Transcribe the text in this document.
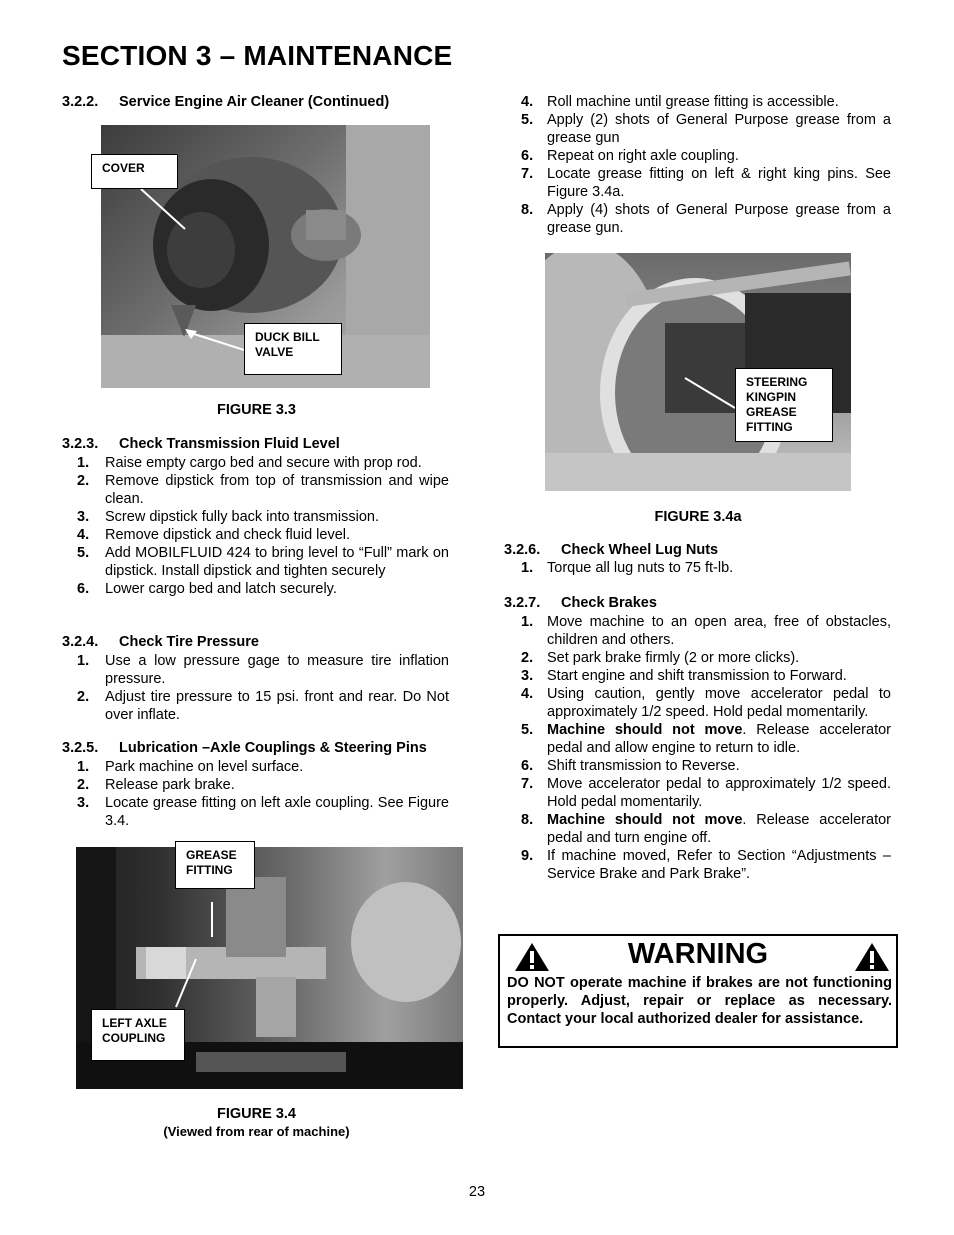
SECTION 3 – MAINTENANCE
3.2.2. Service Engine Air Cleaner (Continued)
COVER
DUCK BILL
VALVE
FIGURE 3.3
3.2.3. Check Transmission Fluid Level
1. Raise empty cargo bed and secure with prop rod.
2. Remove dipstick from top of transmission and wipe clean.
3. Screw dipstick fully back into transmission.
4. Remove dipstick and check fluid level.
5. Add MOBILFLUID 424 to bring level to “Full” mark on dipstick. Install dipstick and tighten securely
6. Lower cargo bed and latch securely.
3.2.4. Check Tire Pressure
1. Use a low pressure gage to measure tire inflation pressure.
2. Adjust tire pressure to 15 psi. front and rear. Do Not over inflate.
3.2.5. Lubrication –Axle Couplings & Steering Pins
1. Park machine on level surface.
2. Release park brake.
3. Locate grease fitting on left axle coupling. See Figure 3.4.
GREASE
FITTING
LEFT AXLE
COUPLING
FIGURE 3.4
(Viewed from rear of machine)
4. Roll machine until grease fitting is accessible.
5. Apply (2) shots of General Purpose grease from a grease gun
6. Repeat on right axle coupling.
7. Locate grease fitting on left & right king pins. See Figure 3.4a.
8. Apply (4) shots of General Purpose grease from a grease gun.
STEERING
KINGPIN
GREASE
FITTING
FIGURE 3.4a
3.2.6. Check Wheel Lug Nuts
1. Torque all lug nuts to 75 ft-lb.
3.2.7. Check Brakes
1. Move machine to an open area, free of obstacles, children and others.
2. Set park brake firmly (2 or more clicks).
3. Start engine and shift transmission to Forward.
4. Using caution, gently move accelerator pedal to approximately 1/2 speed. Hold pedal momentarily.
5. Machine should not move. Release accelerator pedal and allow engine to return to idle.
6. Shift transmission to Reverse.
7. Move accelerator pedal to approximately 1/2 speed. Hold pedal momentarily.
8. Machine should not move. Release accelerator pedal and turn engine off.
9. If machine moved, Refer to Section “Adjustments – Service Brake and Park Brake”.
WARNING
DO NOT operate machine if brakes are not functioning properly. Adjust, repair or replace as necessary. Contact your local authorized dealer for assistance.
23
